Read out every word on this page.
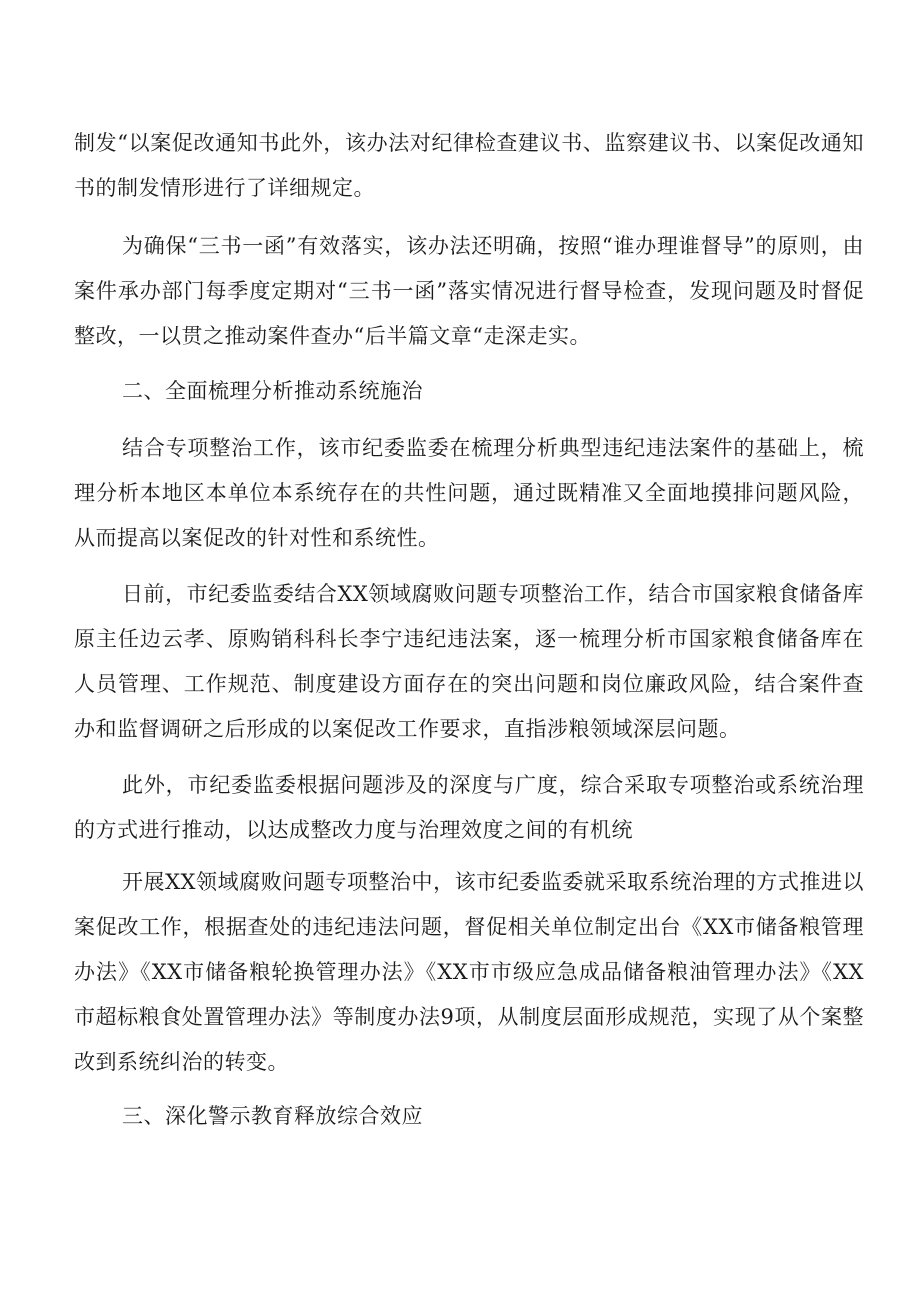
制发“以案促改通知书此外，该办法对纪律检查建议书、监察建议书、以案促改通知书的制发情形进行了详细规定。

为确保“三书一函”有效落实，该办法还明确，按照“谁办理谁督导”的原则，由案件承办部门每季度定期对“三书一函”落实情况进行督导检查，发现问题及时督促整改，一以贯之推动案件查办“后半篇文章“走深走实。

二、全面梳理分析推动系统施治

结合专项整治工作，该市纪委监委在梳理分析典型违纪违法案件的基础上，梳理分析本地区本单位本系统存在的共性问题，通过既精准又全面地摸排问题风险，从而提高以案促改的针对性和系统性。

日前，市纪委监委结合XX领域腐败问题专项整治工作，结合市国家粮食储备库原主任边云孝、原购销科科长李宁违纪违法案，逐一梳理分析市国家粮食储备库在人员管理、工作规范、制度建设方面存在的突出问题和岗位廉政风险，结合案件查办和监督调研之后形成的以案促改工作要求，直指涉粮领域深层问题。

此外，市纪委监委根据问题涉及的深度与广度，综合采取专项整治或系统治理的方式进行推动，以达成整改力度与治理效度之间的有机统

开展XX领域腐败问题专项整治中，该市纪委监委就采取系统治理的方式推进以案促改工作，根据查处的违纪违法问题，督促相关单位制定出台《XX市储备粮管理办法》《XX市储备粮轮换管理办法》《XX市市级应急成品储备粮油管理办法》《XX市超标粮食处置管理办法》等制度办法9项，从制度层面形成规范，实现了从个案整改到系统纠治的转变。

三、深化警示教育释放综合效应
